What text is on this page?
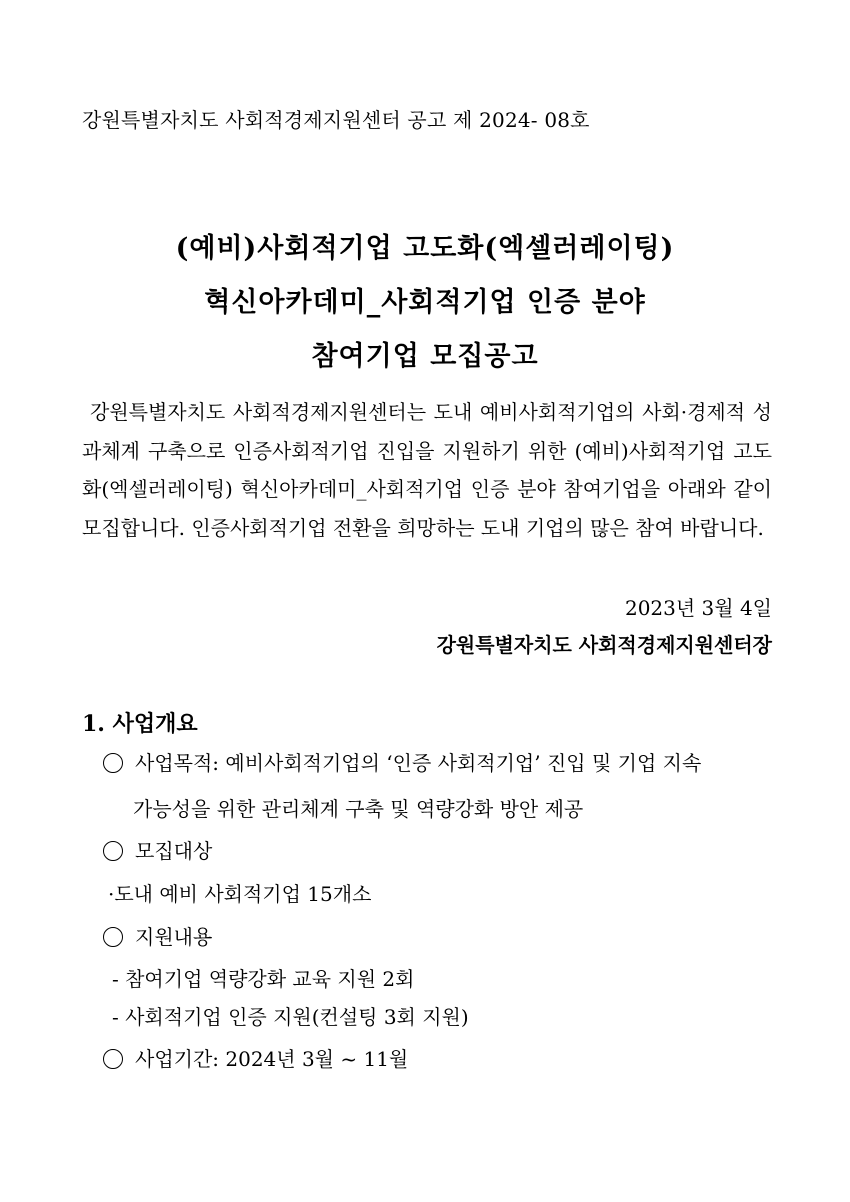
강원특별자치도 사회적경제지원센터 공고 제 2024- 08호
(예비)사회적기업 고도화(엑셀러레이팅)
혁신아카데미_사회적기업 인증 분야
참여기업 모집공고
강원특별자치도 사회적경제지원센터는 도내 예비사회적기업의 사회·경제적 성과체계 구축으로 인증사회적기업 진입을 지원하기 위한 (예비)사회적기업 고도화(엑셀러레이팅) 혁신아카데미_사회적기업 인증 분야 참여기업을 아래와 같이 모집합니다. 인증사회적기업 전환을 희망하는 도내 기업의 많은 참여 바랍니다.
2023년 3월 4일
강원특별자치도 사회적경제지원센터장
1. 사업개요
사업목적: 예비사회적기업의 ‘인증 사회적기업’ 진입 및 기업 지속
가능성을 위한 관리체계 구축 및 역량강화 방안 제공
모집대상
·도내 예비 사회적기업 15개소
지원내용
- 참여기업 역량강화 교육 지원 2회
- 사회적기업 인증 지원(컨설팅 3회 지원)
사업기간: 2024년 3월 ~ 11월
